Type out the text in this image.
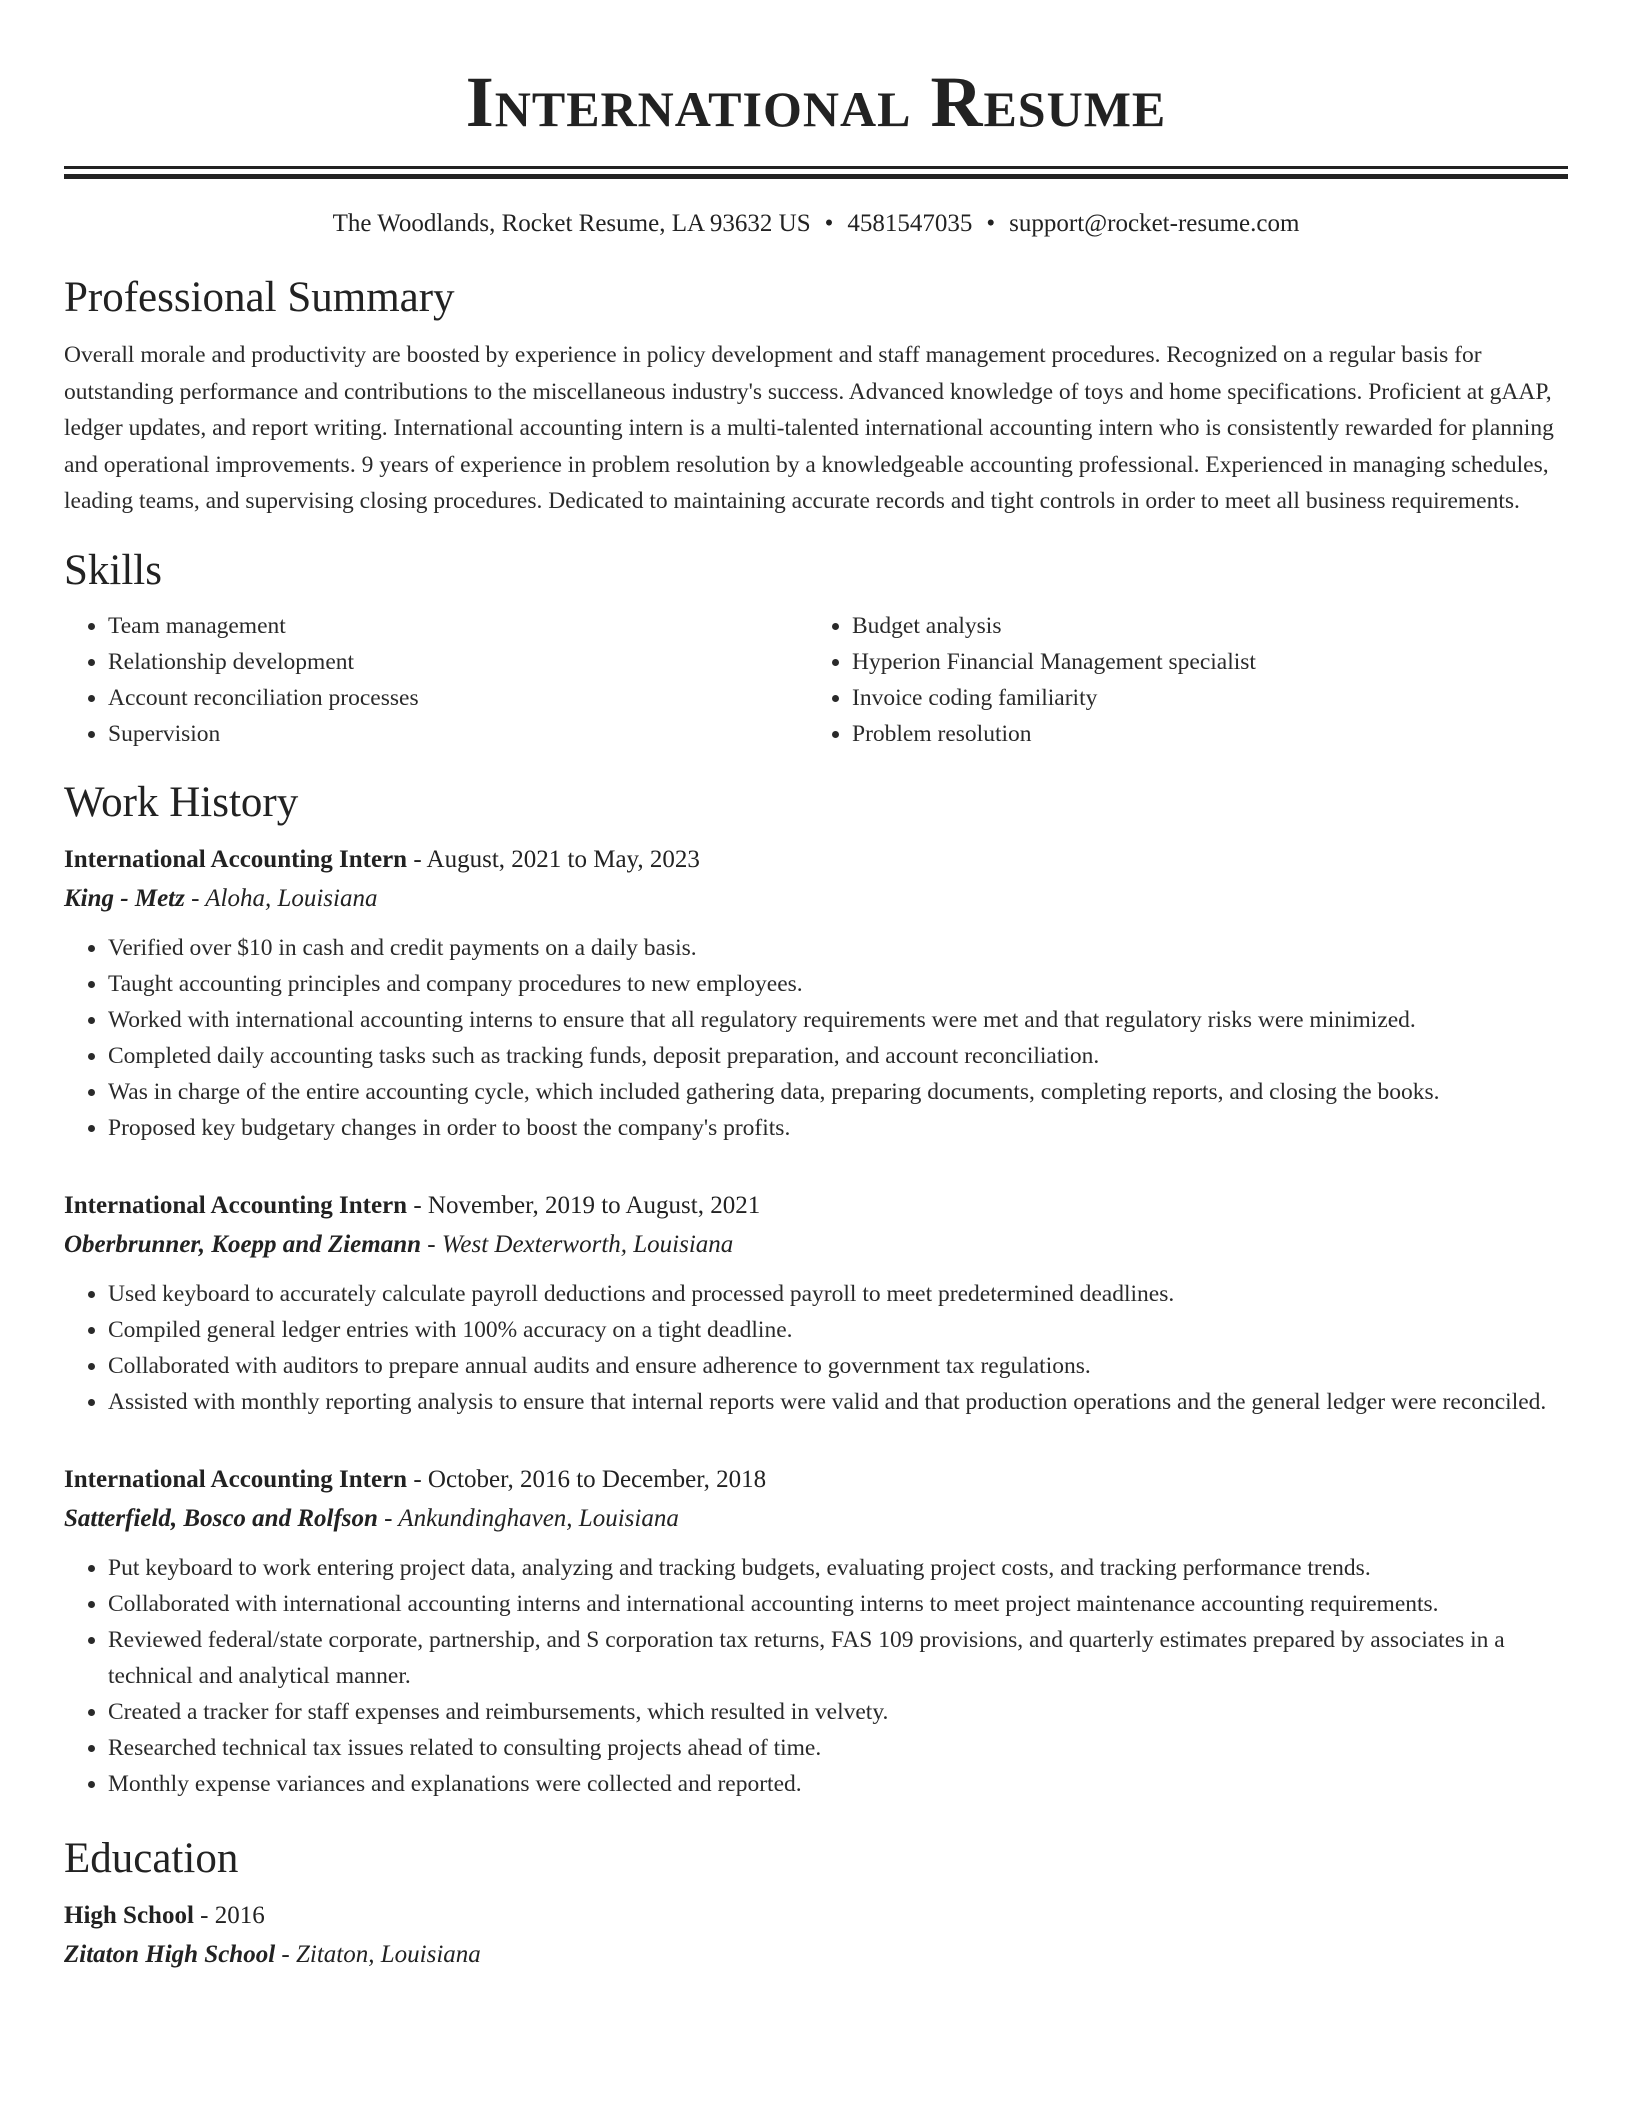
International Resume
The Woodlands, Rocket Resume, LA 93632 US • 4581547035 • support@rocket-resume.com
Professional Summary

Overall morale and productivity are boosted by experience in policy development and staff management procedures. Recognized on a regular basis for outstanding performance and contributions to the miscellaneous industry's success. Advanced knowledge of toys and home specifications. Proficient at gAAP, ledger updates, and report writing. International accounting intern is a multi-talented international accounting intern who is consistently rewarded for planning and operational improvements. 9 years of experience in problem resolution by a knowledgeable accounting professional. Experienced in managing schedules, leading teams, and supervising closing procedures. Dedicated to maintaining accurate records and tight controls in order to meet all business requirements.

Skills
• Team management
• Relationship development
• Account reconciliation processes
• Supervision
• Budget analysis
• Hyperion Financial Management specialist
• Invoice coding familiarity
• Problem resolution
Work History
International Accounting Intern - August, 2021 to May, 2023
King - Metz - Aloha, Louisiana
• Verified over $10 in cash and credit payments on a daily basis.
• Taught accounting principles and company procedures to new employees.
• Worked with international accounting interns to ensure that all regulatory requirements were met and that regulatory risks were minimized.
• Completed daily accounting tasks such as tracking funds, deposit preparation, and account reconciliation.
• Was in charge of the entire accounting cycle, which included gathering data, preparing documents, completing reports, and closing the books.
• Proposed key budgetary changes in order to boost the company's profits.
International Accounting Intern - November, 2019 to August, 2021
Oberbrunner, Koepp and Ziemann - West Dexterworth, Louisiana
• Used keyboard to accurately calculate payroll deductions and processed payroll to meet predetermined deadlines.
• Compiled general ledger entries with 100% accuracy on a tight deadline.
• Collaborated with auditors to prepare annual audits and ensure adherence to government tax regulations.
• Assisted with monthly reporting analysis to ensure that internal reports were valid and that production operations and the general ledger were reconciled.
International Accounting Intern - October, 2016 to December, 2018
Satterfield, Bosco and Rolfson - Ankundinghaven, Louisiana
• Put keyboard to work entering project data, analyzing and tracking budgets, evaluating project costs, and tracking performance trends.
• Collaborated with international accounting interns and international accounting interns to meet project maintenance accounting requirements.
• Reviewed federal/state corporate, partnership, and S corporation tax returns, FAS 109 provisions, and quarterly estimates prepared by associates in a technical and analytical manner.
• Created a tracker for staff expenses and reimbursements, which resulted in velvety.
• Researched technical tax issues related to consulting projects ahead of time.
• Monthly expense variances and explanations were collected and reported.
Education
High School - 2016
Zitaton High School - Zitaton, Louisiana
